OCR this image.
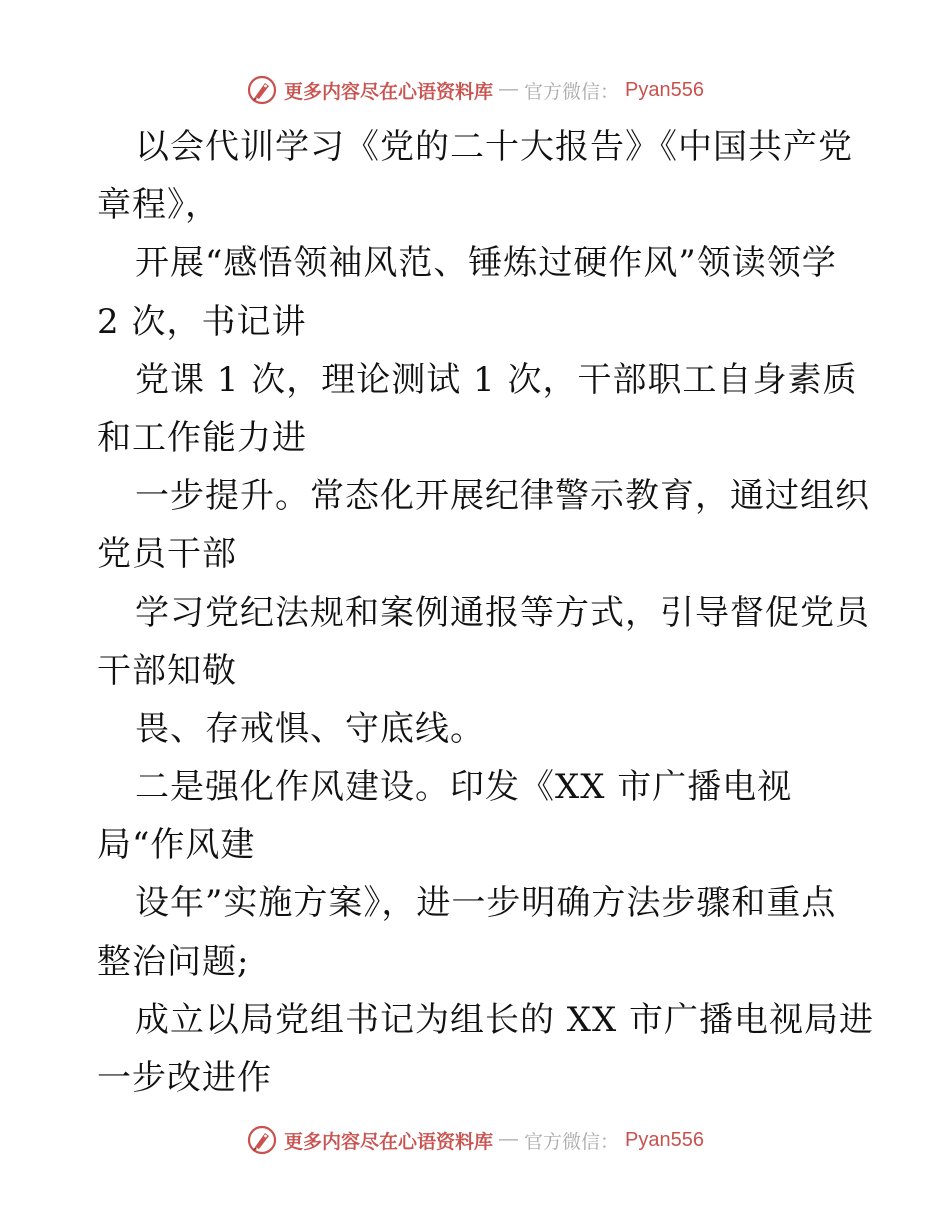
更多内容尽在心语资料库 — 官方微信： Pyan556
以会代训学习《党的二十大报告》《中国共产党
章程》，
开展“感悟领袖风范、锤炼过硬作风”领读领学
2 次，书记讲
党课 1 次，理论测试 1 次，干部职工自身素质
和工作能力进
一步提升。常态化开展纪律警示教育，通过组织
党员干部
学习党纪法规和案例通报等方式，引导督促党员
干部知敬
畏、存戒惧、守底线。
二是强化作风建设。印发《XX 市广播电视
局“作风建
设年”实施方案》，进一步明确方法步骤和重点
整治问题;
成立以局党组书记为组长的 XX 市广播电视局进
一步改进作
更多内容尽在心语资料库 — 官方微信： Pyan556
